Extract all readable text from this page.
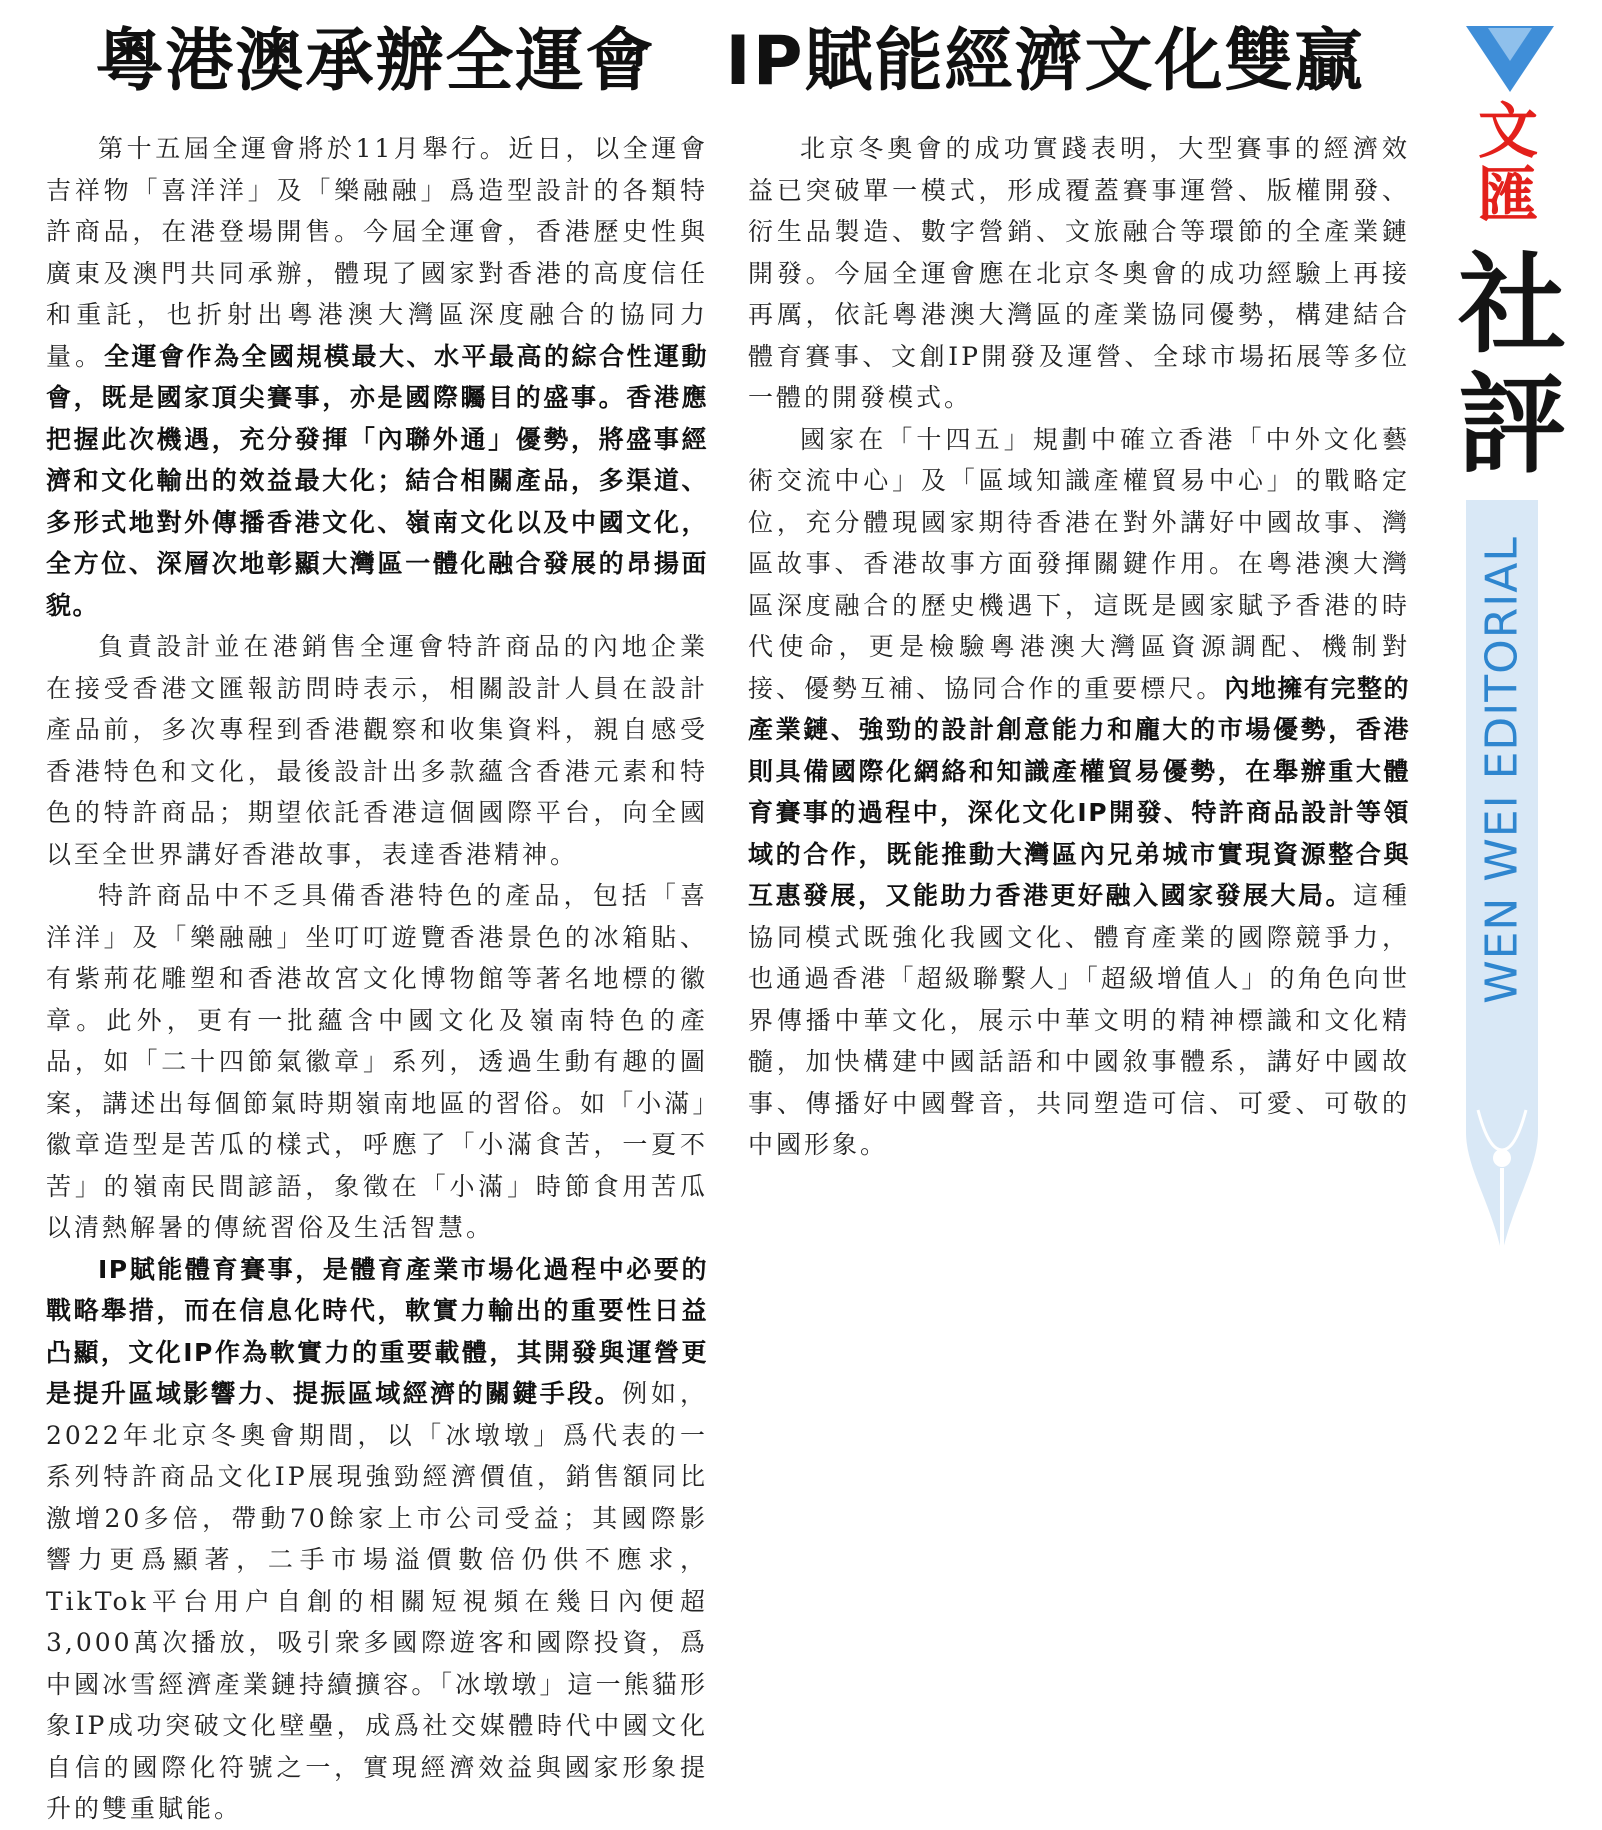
粵港澳承辦全運會　IP賦能經濟文化雙贏

第十五屆全運會將於11月舉行。近日，以全運會吉祥物「喜洋洋」及「樂融融」爲造型設計的各類特許商品，在港登場開售。今屆全運會，香港歷史性與廣東及澳門共同承辦，體現了國家對香港的高度信任和重託，也折射出粵港澳大灣區深度融合的協同力量。全運會作為全國規模最大、水平最高的綜合性運動會，既是國家頂尖賽事，亦是國際矚目的盛事。香港應把握此次機遇，充分發揮「內聯外通」優勢，將盛事經濟和文化輸出的效益最大化；結合相關產品，多渠道、多形式地對外傳播香港文化、嶺南文化以及中國文化，全方位、深層次地彰顯大灣區一體化融合發展的昂揚面貌。

負責設計並在港銷售全運會特許商品的內地企業在接受香港文匯報訪問時表示，相關設計人員在設計產品前，多次專程到香港觀察和收集資料，親自感受香港特色和文化，最後設計出多款蘊含香港元素和特色的特許商品；期望依託香港這個國際平台，向全國以至全世界講好香港故事，表達香港精神。

特許商品中不乏具備香港特色的產品，包括「喜洋洋」及「樂融融」坐叮叮遊覽香港景色的冰箱貼、有紫荊花雕塑和香港故宮文化博物館等著名地標的徽章。此外，更有一批蘊含中國文化及嶺南特色的產品，如「二十四節氣徽章」系列，透過生動有趣的圖案，講述出每個節氣時期嶺南地區的習俗。如「小滿」徽章造型是苦瓜的樣式，呼應了「小滿食苦，一夏不苦」的嶺南民間諺語，象徵在「小滿」時節食用苦瓜以清熱解暑的傳統習俗及生活智慧。

IP賦能體育賽事，是體育產業市場化過程中必要的戰略舉措，而在信息化時代，軟實力輸出的重要性日益凸顯，文化IP作為軟實力的重要載體，其開發與運營更是提升區域影響力、提振區域經濟的關鍵手段。例如，2022年北京冬奧會期間，以「冰墩墩」爲代表的一系列特許商品文化IP展現強勁經濟價值，銷售額同比激增20多倍，帶動70餘家上市公司受益；其國際影響力更爲顯著，二手市場溢價數倍仍供不應求，TikTok平台用户自創的相關短視頻在幾日內便超3,000萬次播放，吸引衆多國際遊客和國際投資，爲中國冰雪經濟產業鏈持續擴容。「冰墩墩」這一熊貓形象IP成功突破文化壁壘，成爲社交媒體時代中國文化自信的國際化符號之一，實現經濟效益與國家形象提升的雙重賦能。

北京冬奧會的成功實踐表明，大型賽事的經濟效益已突破單一模式，形成覆蓋賽事運營、版權開發、衍生品製造、數字營銷、文旅融合等環節的全產業鏈開發。今屆全運會應在北京冬奧會的成功經驗上再接再厲，依託粵港澳大灣區的產業協同優勢，構建結合體育賽事、文創IP開發及運營、全球市場拓展等多位一體的開發模式。

國家在「十四五」規劃中確立香港「中外文化藝術交流中心」及「區域知識產權貿易中心」的戰略定位，充分體現國家期待香港在對外講好中國故事、灣區故事、香港故事方面發揮關鍵作用。在粵港澳大灣區深度融合的歷史機遇下，這既是國家賦予香港的時代使命，更是檢驗粵港澳大灣區資源調配、機制對接、優勢互補、協同合作的重要標尺。內地擁有完整的產業鏈、強勁的設計創意能力和龐大的市場優勢，香港則具備國際化網絡和知識產權貿易優勢，在舉辦重大體育賽事的過程中，深化文化IP開發、特許商品設計等領域的合作，既能推動大灣區內兄弟城市實現資源整合與互惠發展，又能助力香港更好融入國家發展大局。這種協同模式既強化我國文化、體育產業的國際競爭力，也通過香港「超級聯繫人」「超級增值人」的角色向世界傳播中華文化，展示中華文明的精神標識和文化精髓，加快構建中國話語和中國敘事體系，講好中國故事、傳播好中國聲音，共同塑造可信、可愛、可敬的中國形象。

文
匯
社
評
WEN WEI EDITORIAL
